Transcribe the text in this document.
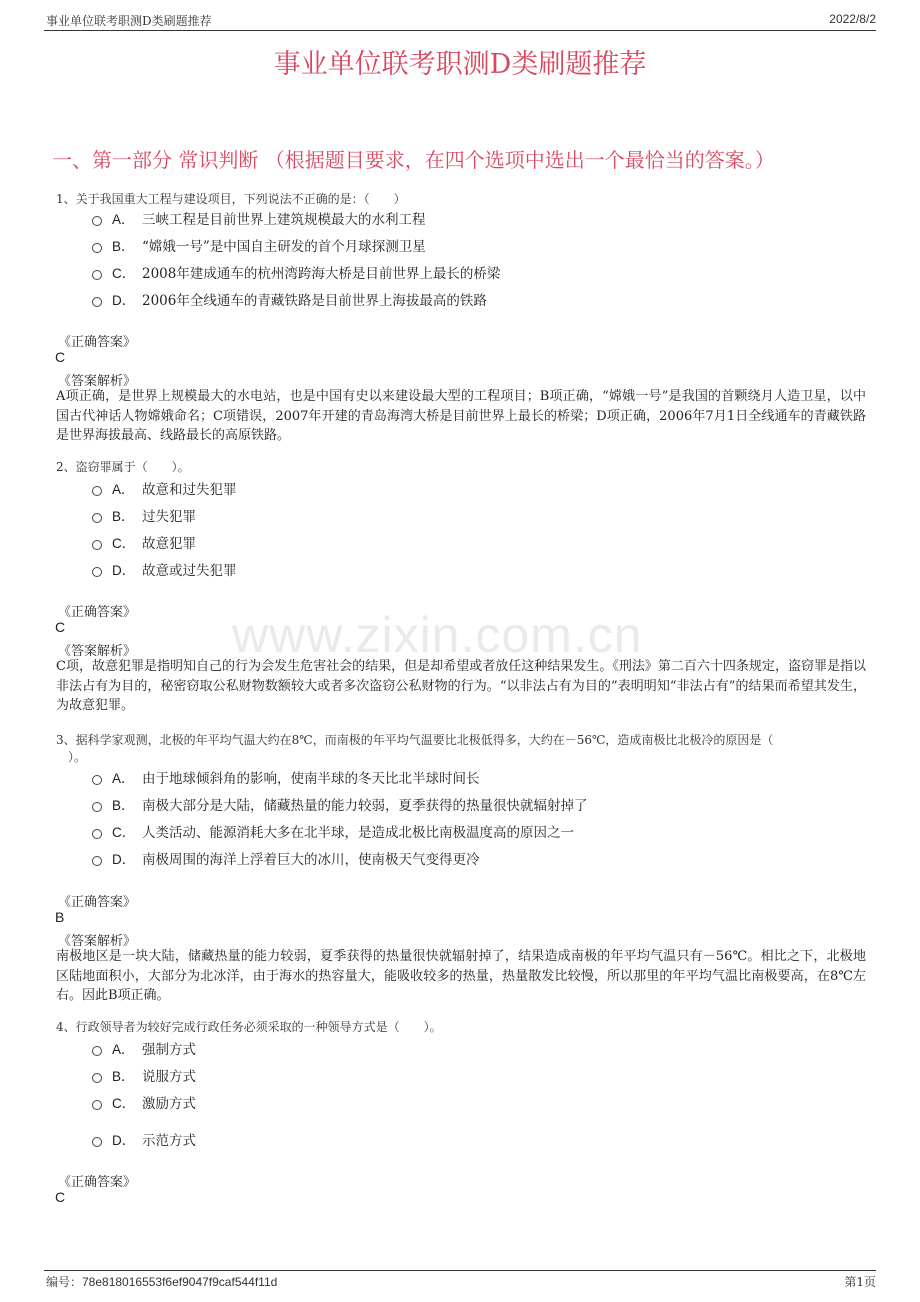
事业单位联考职测D类刷题推荐	2022/8/2
www.zixin.com.cn
事业单位联考职测D类刷题推荐
一、第一部分 常识判断 （根据题目要求，在四个选项中选出一个最恰当的答案。）
1、关于我国重大工程与建设项目，下列说法不正确的是：（　　）
A． 三峡工程是目前世界上建筑规模最大的水利工程
B． “嫦娥一号”是中国自主研发的首个月球探测卫星
C． 2008年建成通车的杭州湾跨海大桥是目前世界上最长的桥梁
D． 2006年全线通车的青藏铁路是目前世界上海拔最高的铁路
《正确答案》
C
《答案解析》
A项正确，是世界上规模最大的水电站，也是中国有史以来建设最大型的工程项目；B项正确，“嫦娥一号”是我国的首颗绕月人造卫星，以中国古代神话人物嫦娥命名；C项错误，2007年开建的青岛海湾大桥是目前世界上最长的桥梁；D项正确，2006年7月1日全线通车的青藏铁路是世界海拔最高、线路最长的高原铁路。
2、盗窃罪属于（　　）。
A． 故意和过失犯罪
B． 过失犯罪
C． 故意犯罪
D． 故意或过失犯罪
《正确答案》
C
《答案解析》
C项，故意犯罪是指明知自己的行为会发生危害社会的结果，但是却希望或者放任这种结果发生。《刑法》第二百六十四条规定，盗窃罪是指以非法占有为目的，秘密窃取公私财物数额较大或者多次盗窃公私财物的行为。“以非法占有为目的”表明明知“非法占有”的结果而希望其发生，为故意犯罪。
3、据科学家观测，北极的年平均气温大约在8℃，而南极的年平均气温要比北极低得多，大约在－56℃，造成南极比北极冷的原因是（
　）。
A． 由于地球倾斜角的影响，使南半球的冬天比北半球时间长
B． 南极大部分是大陆，储藏热量的能力较弱，夏季获得的热量很快就辐射掉了
C． 人类活动、能源消耗大多在北半球，是造成北极比南极温度高的原因之一
D． 南极周围的海洋上浮着巨大的冰川，使南极天气变得更冷
《正确答案》
B
《答案解析》
南极地区是一块大陆，储藏热量的能力较弱，夏季获得的热量很快就辐射掉了，结果造成南极的年平均气温只有－56℃。相比之下，北极地区陆地面积小，大部分为北冰洋，由于海水的热容量大，能吸收较多的热量，热量散发比较慢，所以那里的年平均气温比南极要高，在8℃左右。因此B项正确。
4、行政领导者为较好完成行政任务必须采取的一种领导方式是（　　）。
A． 强制方式
B． 说服方式
C． 激励方式
D． 示范方式
《正确答案》
C
编号：78e818016553f6ef9047f9caf544f11d	第1页
